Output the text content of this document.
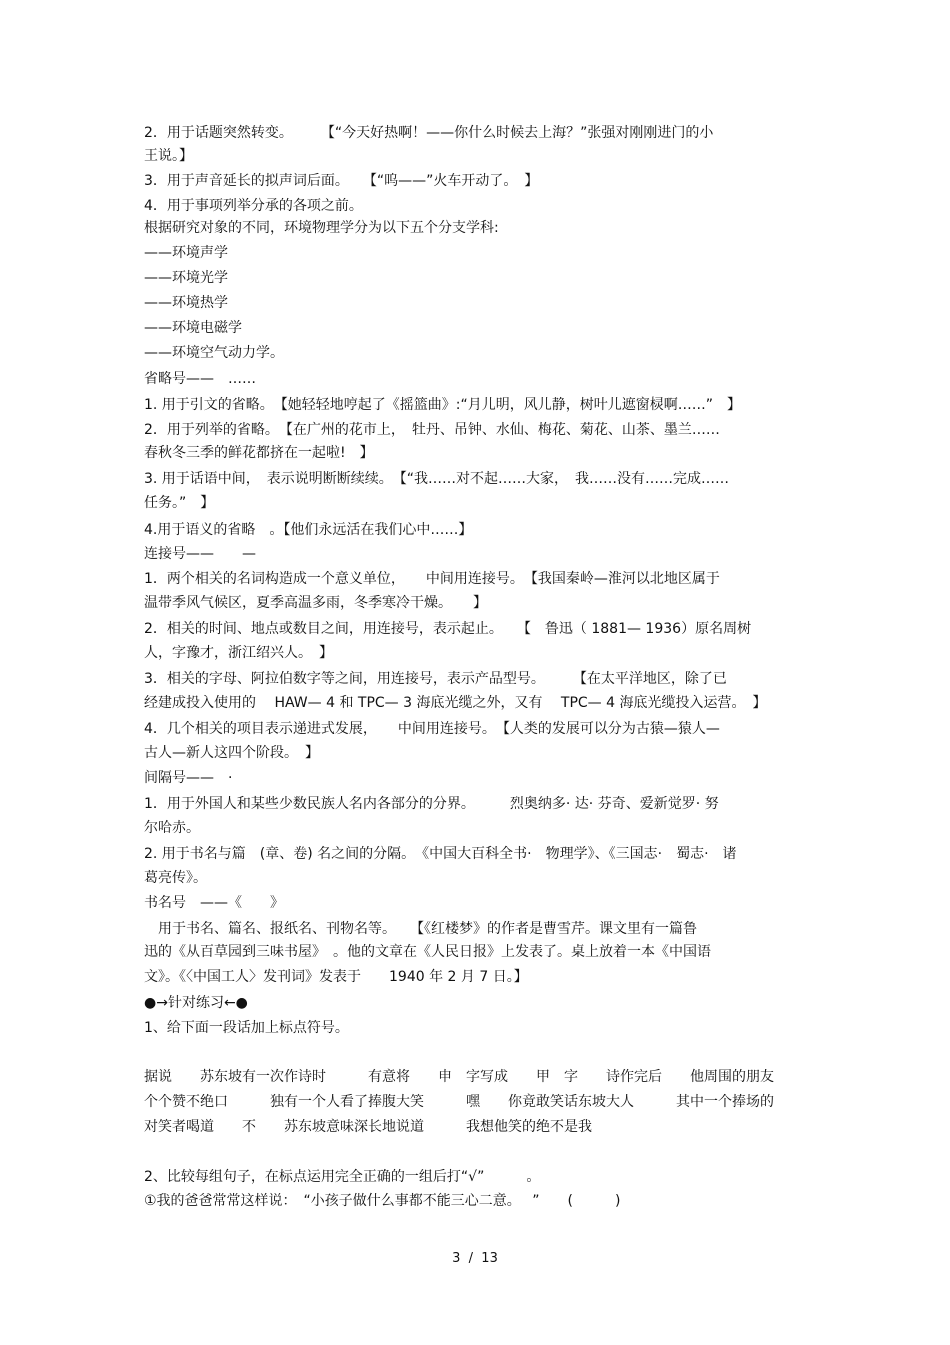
2．用于话题突然转变。　　　【“今天好热啊！——你什么时候去上海？”张强对刚刚进门的小
王说。】
3．用于声音延长的拟声词后面。　　【“呜——”火车开动了。　】
4．用于事项列举分承的各项之前。
根据研究对象的不同，环境物理学分为以下五个分支学科:
——环境声学
——环境光学
——环境热学
——环境电磁学
——环境空气动力学。
省略号——　……
1. 用于引文的省略。　【她轻轻地哼起了《摇篮曲》:“月儿明，风儿静，树叶儿遮窗棂啊……”　】
2．用于列举的省略。　【在广州的花市上，　牡丹、吊钟、水仙、梅花、菊花、山茶、墨兰……
春秋冬三季的鲜花都挤在一起啦!　】
3. 用于话语中间，　表示说明断断续续。　【“我……对不起……大家，　我……没有……完成……
任务。”　】
4.用于语义的省略　。【他们永远活在我们心中……】
连接号——　　—
1．两个相关的名词构造成一个意义单位，　　中间用连接号。　【我国秦岭—淮河以北地区属于
温带季风气候区，夏季高温多雨，冬季寒冷干燥。　　】
2．相关的时间、地点或数目之间，用连接号，表示起止。　　【　鲁迅（ 1881— 1936）原名周树
人，字豫才，浙江绍兴人。　】
3．相关的字母、阿拉伯数字等之间，用连接号，表示产品型号。　　　【在太平洋地区，除了已
经建成投入使用的　 HAW— 4 和 TPC— 3 海底光缆之外，又有　 TPC— 4 海底光缆投入运营。　】
4．几个相关的项目表示递进式发展，　　中间用连接号。　【人类的发展可以分为古猿—猿人—
古人—新人这四个阶段。　】
间隔号——　·
1．用于外国人和某些少数民族人名内各部分的分界。　　　烈奥纳多· 达· 芬奇、爱新觉罗· 努
尔哈赤。
2. 用于书名与篇　(章、卷) 名之间的分隔。　《中国大百科全书·　物理学》、《三国志·　蜀志·　诸
葛亮传》。
书名号　——《　　》
　用于书名、篇名、报纸名、刊物名等。　　【《红楼梦》的作者是曹雪芹。课文里有一篇鲁
迅的《从百草园到三味书屋》　。他的文章在《人民日报》上发表了。桌上放着一本《中国语
文》。《〈中国工人〉发刊词》发表于　　1940 年 2 月 7 日。】
●→针对练习←●
1、给下面一段话加上标点符号。
据说　　苏东坡有一次作诗时　　　有意将　　申　字写成　　甲　字　　诗作完后　　他周围的朋友
个个赞不绝口　　　独有一个人看了捧腹大笑　　　嘿　　你竟敢笑话东坡大人　　　其中一个捧场的
对笑者喝道　　不　　苏东坡意味深长地说道　　　我想他笑的绝不是我
2、比较每组句子，在标点运用完全正确的一组后打“√”　　　。
①我的爸爸常常这样说：　“小孩子做什么事都不能三心二意。　 ”　　(　　　)
3  /  13
